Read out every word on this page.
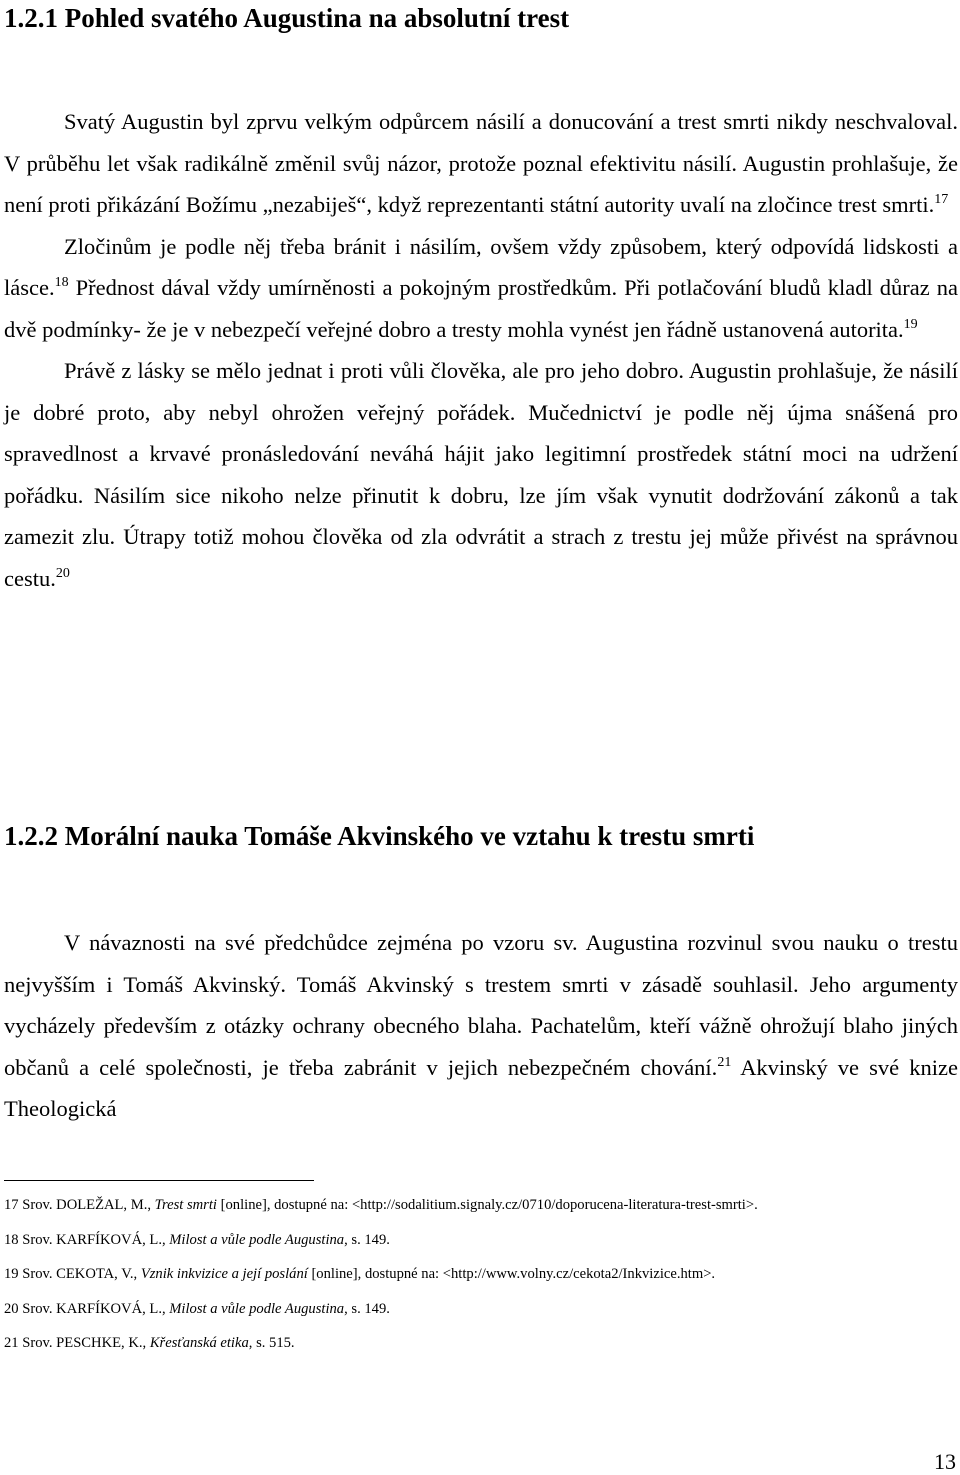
1.2.1 Pohled svatého Augustina na absolutní trest

Svatý Augustin byl zprvu velkým odpůrcem násilí a donucování a trest smrti nikdy neschvaloval. V průběhu let však radikálně změnil svůj názor, protože poznal efektivitu násilí. Augustin prohlašuje, že není proti přikázání Božímu „nezabiješ“, když reprezentanti státní autority uvalí na zločince trest smrti.$^{17}$
Zločinům je podle něj třeba bránit i násilím, ovšem vždy způsobem, který odpovídá lidskosti a lásce.$^{18}$ Přednost dával vždy umírněnosti a pokojným prostředkům. Při potlačování bludů kladl důraz na dvě podmínky- že je v nebezpečí veřejné dobro a tresty mohla vynést jen řádně ustanovená autorita.$^{19}$
Právě z lásky se mělo jednat i proti vůli člověka, ale pro jeho dobro. Augustin prohlašuje, že násilí je dobré proto, aby nebyl ohrožen veřejný pořádek. Mučednictví je podle něj újma snášená pro spravedlnost a krvavé pronásledování neváhá hájit jako legitimní prostředek státní moci na udržení pořádku. Násilím sice nikoho nelze přinutit k dobru, lze jím však vynutit dodržování zákonů a tak zamezit zlu. Útrapy totiž mohou člověka od zla odvrátit a strach z trestu jej může přivést na správnou cestu.$^{20}$

1.2.2 Morální nauka Tomáše Akvinského ve vztahu k trestu smrti

V návaznosti na své předchůdce zejména po vzoru sv. Augustina rozvinul svou nauku o trestu nejvyšším i Tomáš Akvinský. Tomáš Akvinský s trestem smrti v zásadě souhlasil. Jeho argumenty vycházely především z otázky ochrany obecného blaha. Pachatelům, kteří vážně ohrožují blaho jiných občanů a celé společnosti, je třeba zabránit v jejich nebezpečném chování.$^{21}$ Akvinský ve své knize Theologická

17 Srov. DOLEŽAL, M., Trest smrti [online], dostupné na: <http://sodalitium.signaly.cz/0710/doporucena-literatura-trest-smrti>.
18 Srov. KARFÍKOVÁ, L., Milost a vůle podle Augustina, s. 149.
19 Srov. CEKOTA, V., Vznik inkvizice a její poslání [online], dostupné na: <http://www.volny.cz/cekota2/Inkvizice.htm>.
20 Srov. KARFÍKOVÁ, L., Milost a vůle podle Augustina, s. 149.
21 Srov. PESCHKE, K., Křesťanská etika, s. 515.
13
